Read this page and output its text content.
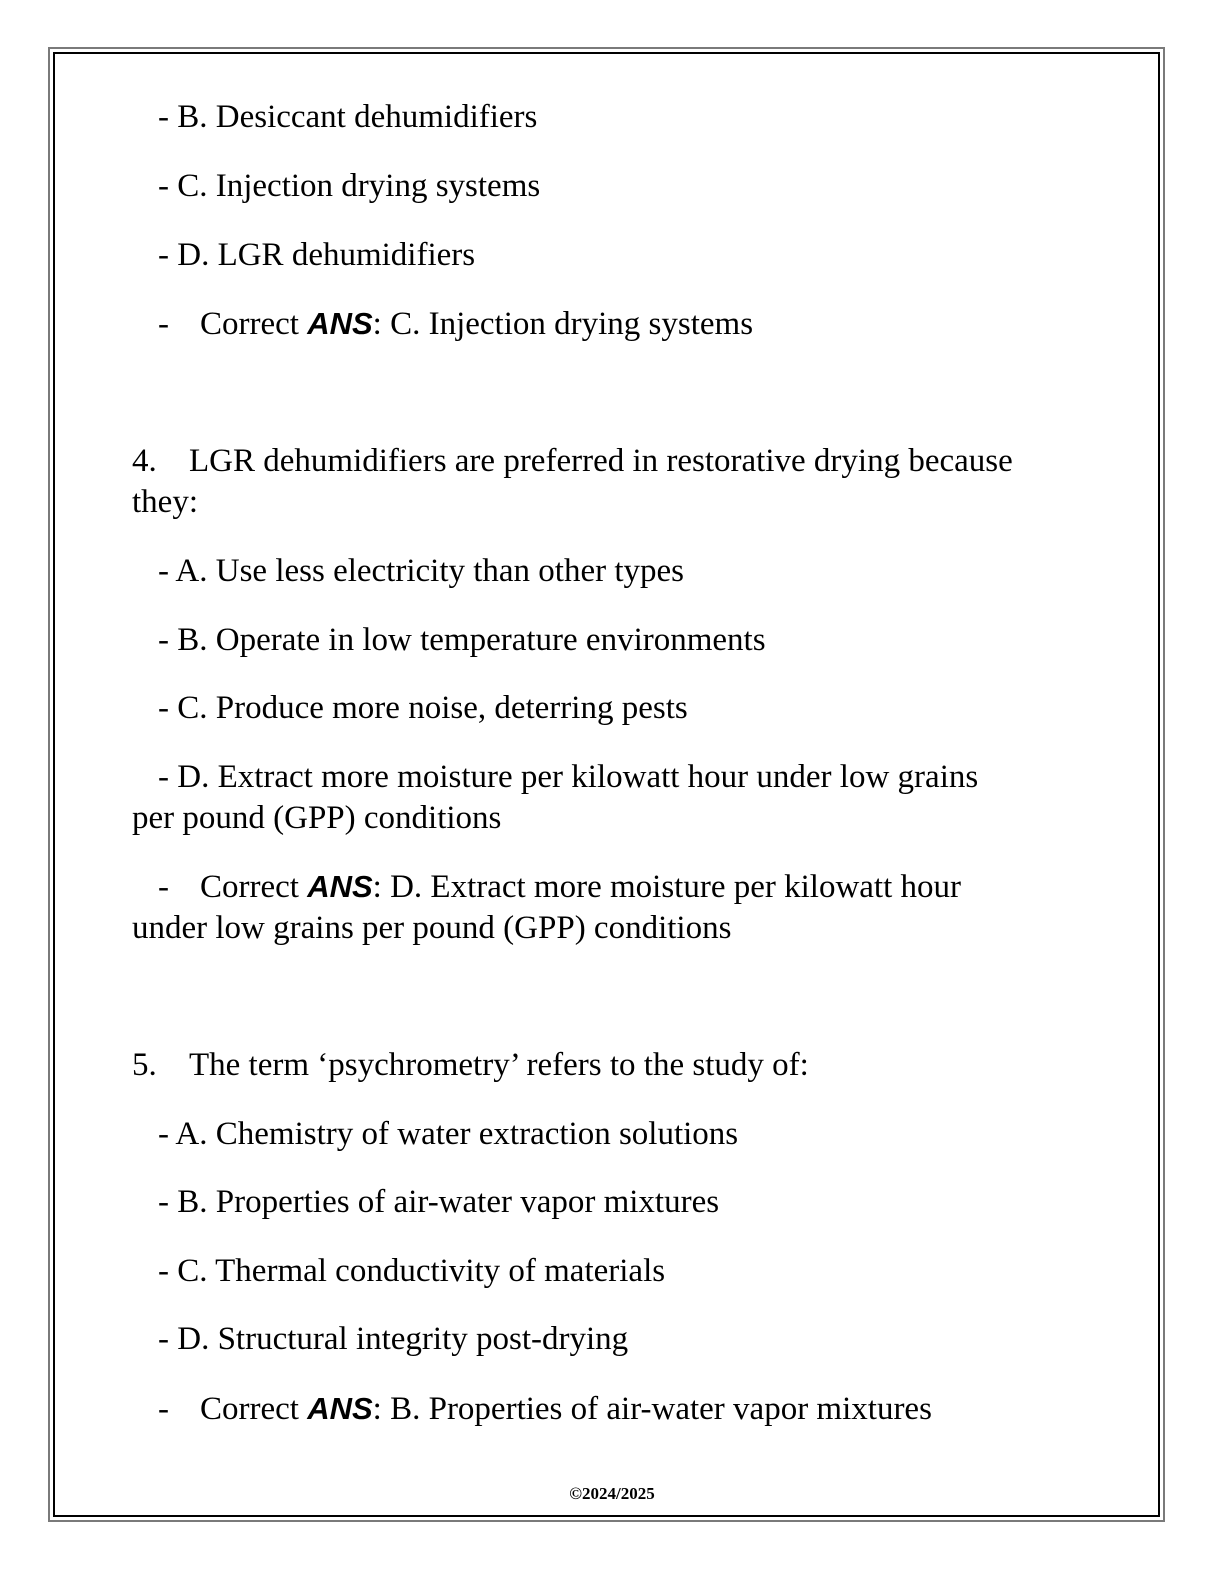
- B. Desiccant dehumidifiers
- C. Injection drying systems
- D. LGR dehumidifiers
- Correct ANS: C. Injection drying systems
4. LGR dehumidifiers are preferred in restorative drying because
they:
- A. Use less electricity than other types
- B. Operate in low temperature environments
- C. Produce more noise, deterring pests
- D. Extract more moisture per kilowatt hour under low grains
per pound (GPP) conditions
- Correct ANS: D. Extract more moisture per kilowatt hour
under low grains per pound (GPP) conditions
5. The term ‘psychrometry’ refers to the study of:
- A. Chemistry of water extraction solutions
- B. Properties of air-water vapor mixtures
- C. Thermal conductivity of materials
- D. Structural integrity post-drying
- Correct ANS: B. Properties of air-water vapor mixtures
©2024/2025
